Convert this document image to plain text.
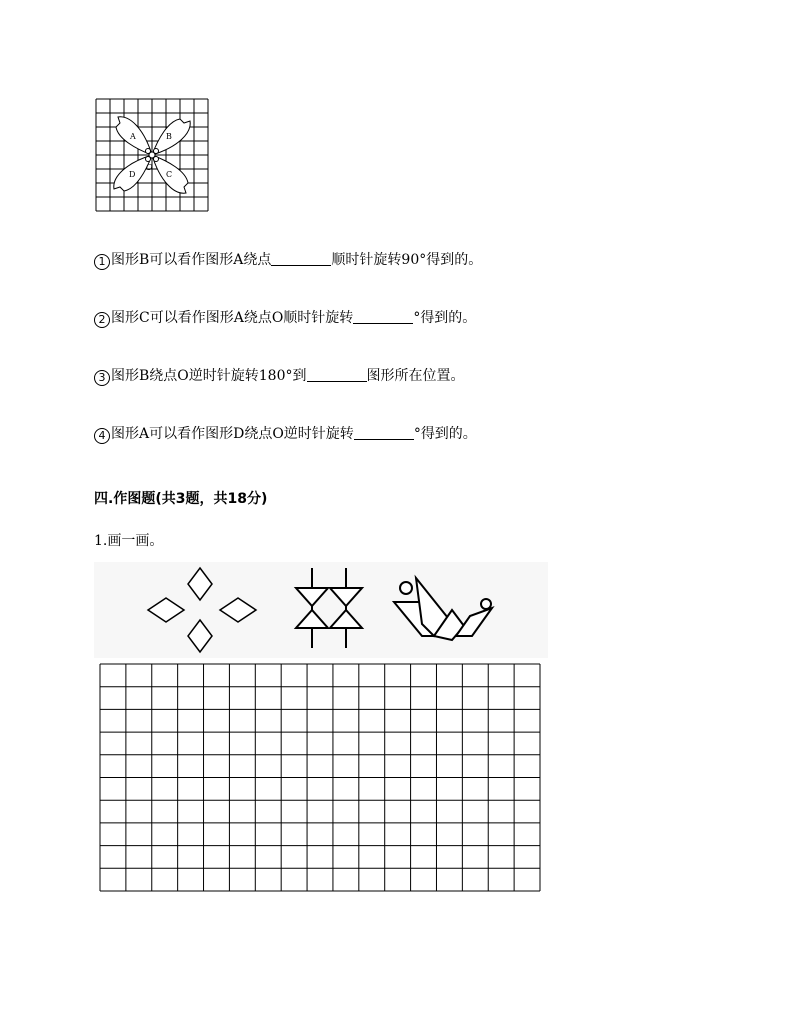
A	B
D	C
O
1 图形B可以看作图形A绕点	顺时针旋转90°得到的。
2 图形C可以看作图形A绕点O顺时针旋转	°得到的。
3 图形B绕点O逆时针旋转180°到	图形所在位置。
4 图形A可以看作图形D绕点O逆时针旋转	°得到的。
四.作图题(共3题，共18分)
1.画一画。
